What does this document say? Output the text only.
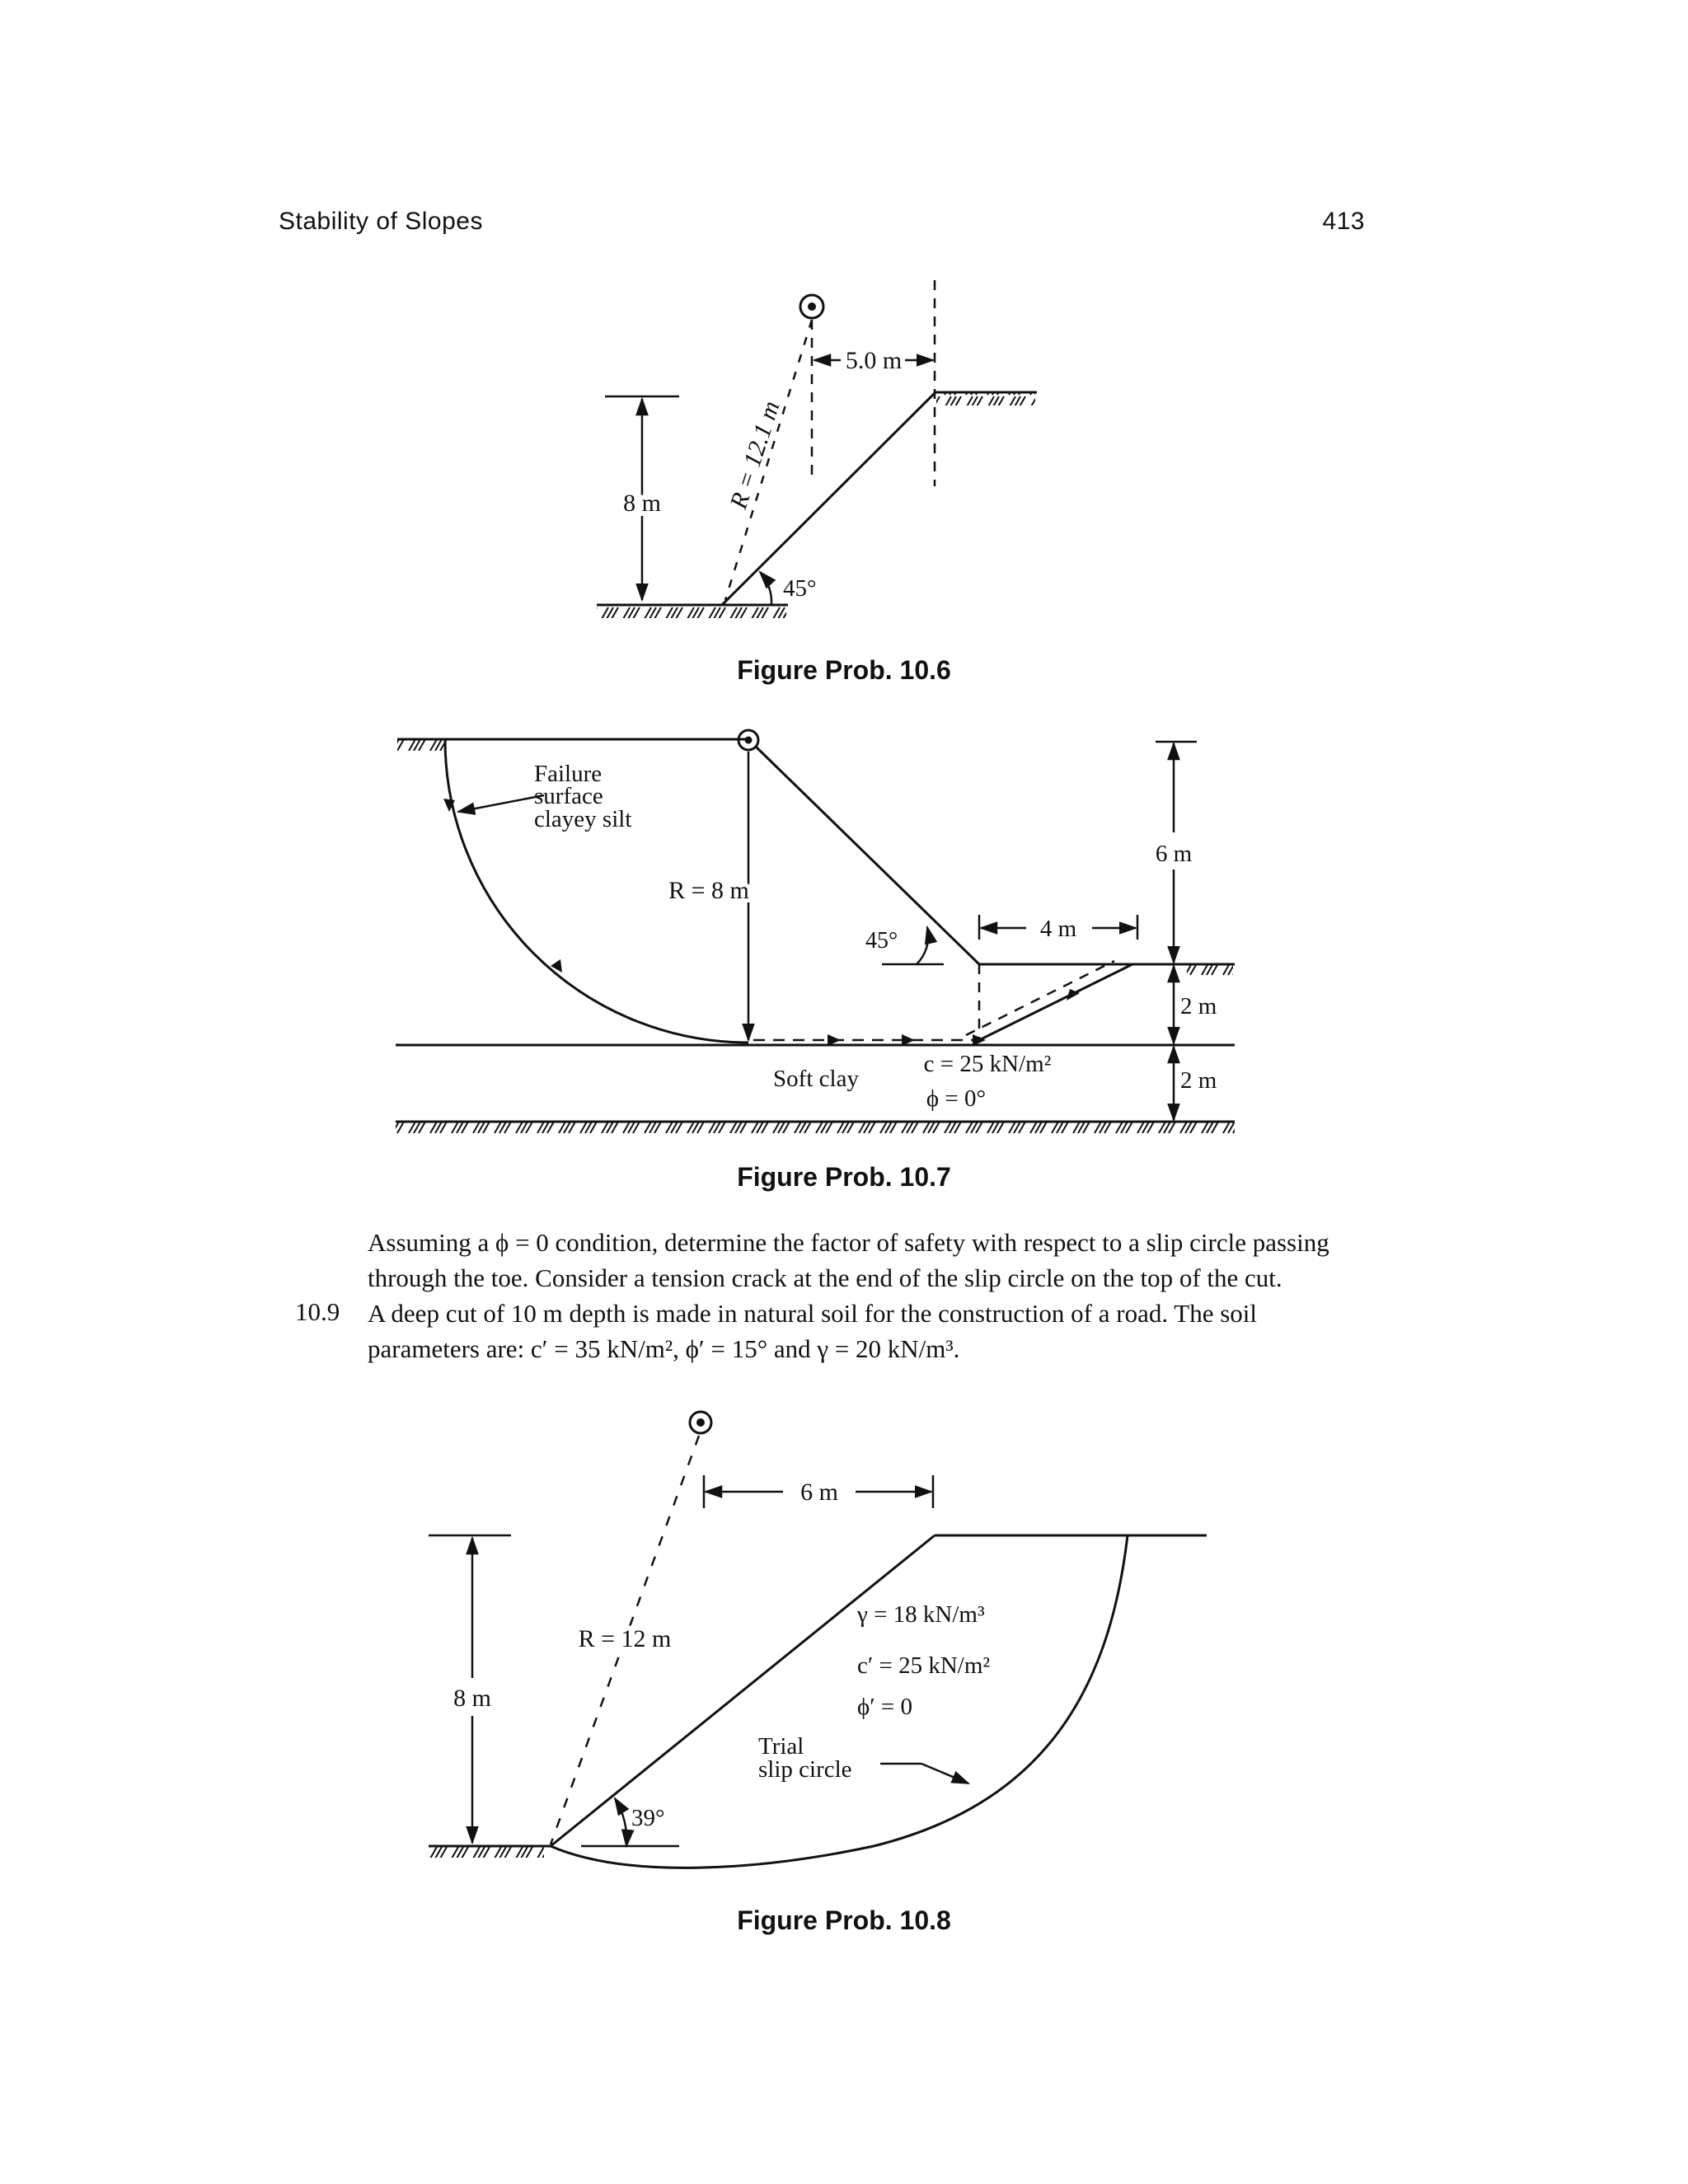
Stability of Slopes	413
8 m
5.0 m
R = 12.1 m
45°
Figure Prob. 10.6
Failure
surface
clayey silt
R = 8 m
45°	4 m
Soft clay
c = 25 kN/m²
ϕ = 0°
6 m
2 m
2 m
Figure Prob. 10.7
Assuming a ϕ = 0 condition, determine the factor of safety with respect to a slip circle passing
through the toe. Consider a tension crack at the end of the slip circle on the top of the cut.
10.9 A deep cut of 10 m depth is made in natural soil for the construction of a road. The soil
parameters are: c′ = 35 kN/m², ϕ′ = 15° and γ = 20 kN/m³.
R = 12 m
6 m
8 m
39°
γ = 18 kN/m³
c′ = 25 kN/m²
ϕ′ = 0
Trial
slip circle
Figure Prob. 10.8
